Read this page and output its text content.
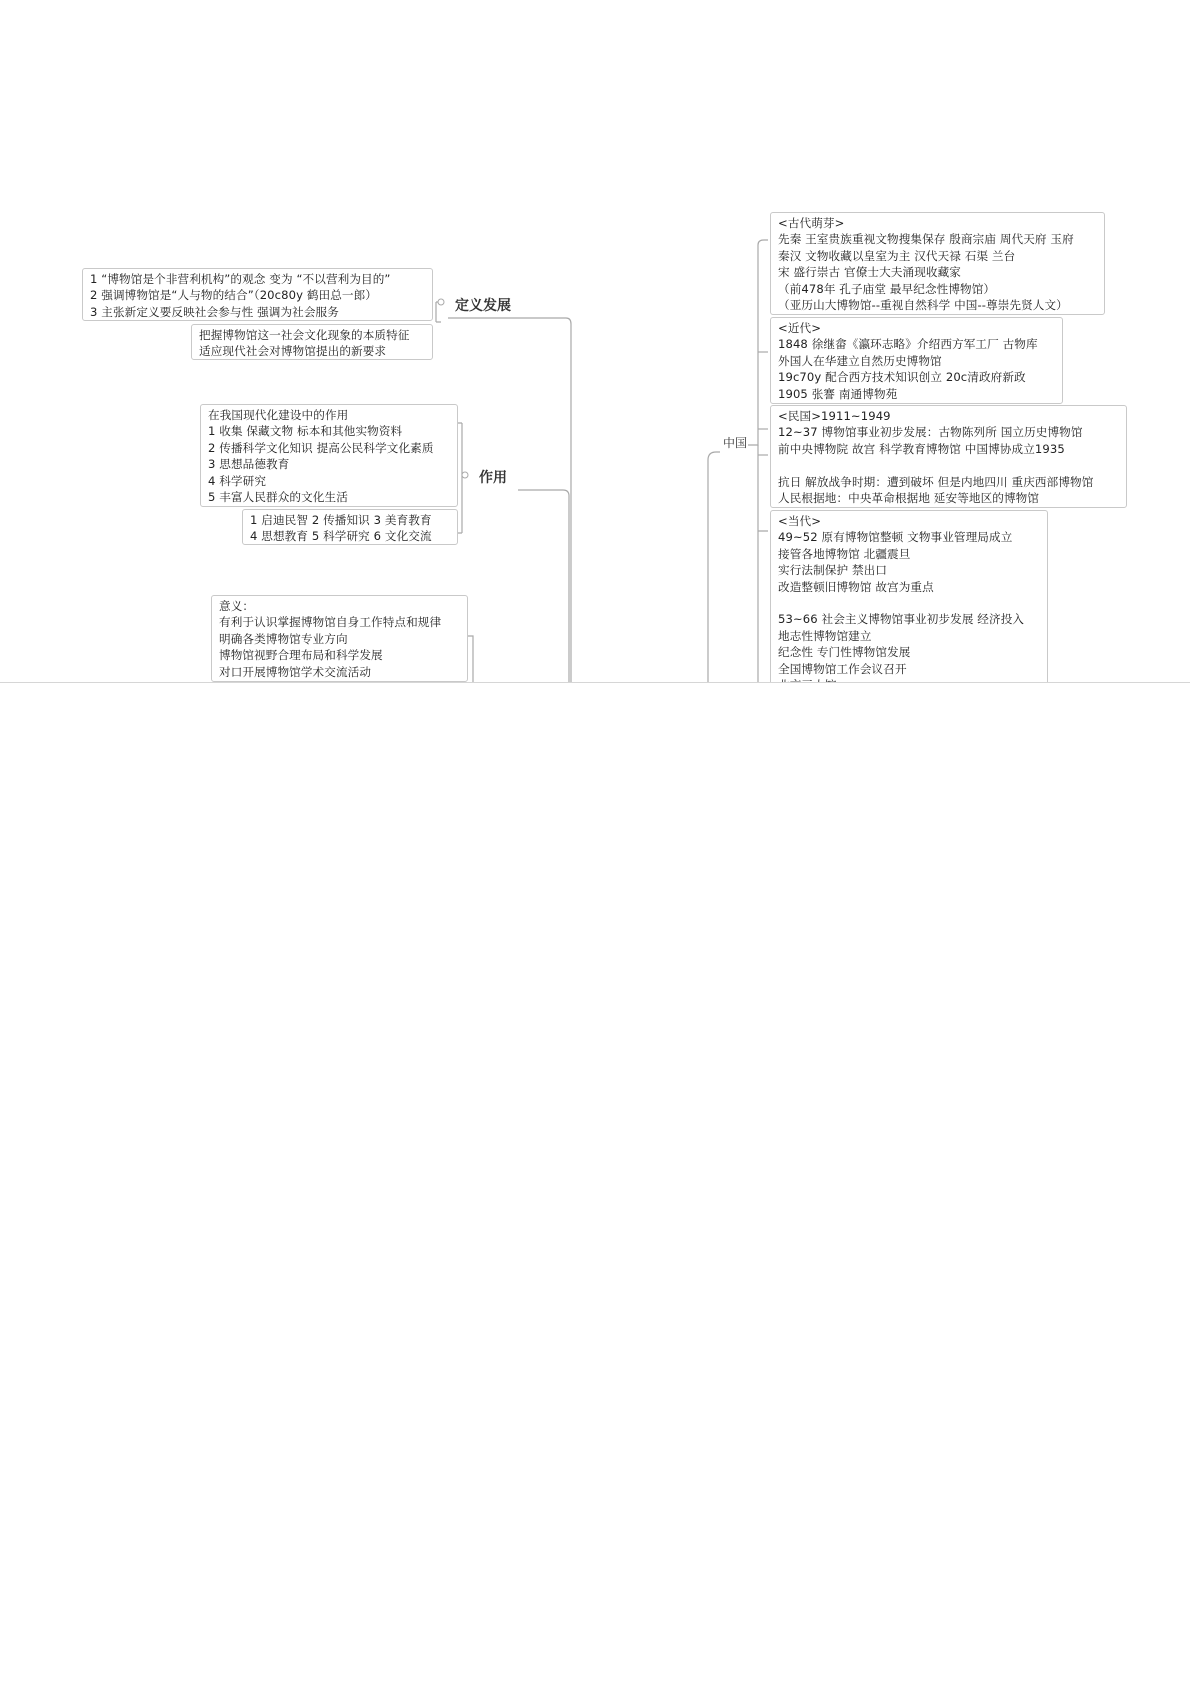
定义发展
作用
中国
1 “博物馆是个非营利机构”的观念 变为 “不以营利为目的”
2 强调博物馆是“人与物的结合”（20c80y 鹤田总一郎）
3 主张新定义要反映社会参与性 强调为社会服务
把握博物馆这一社会文化现象的本质特征
适应现代社会对博物馆提出的新要求
在我国现代化建设中的作用
1 收集 保藏文物 标本和其他实物资料
2 传播科学文化知识 提高公民科学文化素质
3 思想品德教育
4 科学研究
5 丰富人民群众的文化生活
1 启迪民智 2 传播知识 3 美育教育
4 思想教育 5 科学研究 6 文化交流
意义：
有利于认识掌握博物馆自身工作特点和规律
明确各类博物馆专业方向
博物馆视野合理布局和科学发展
对口开展博物馆学术交流活动
<古代萌芽>
先秦 王室贵族重视文物搜集保存 殷商宗庙 周代天府 玉府
秦汉 文物收藏以皇室为主 汉代天禄 石渠 兰台
宋 盛行崇古 官僚士大夫涌现收藏家
（前478年 孔子庙堂 最早纪念性博物馆）
（亚历山大博物馆--重视自然科学 中国--尊崇先贤人文）
<近代>
1848 徐继畲《瀛环志略》介绍西方军工厂 古物库
外国人在华建立自然历史博物馆
19c70y 配合西方技术知识创立 20c清政府新政
1905 张謇 南通博物苑
<民国>1911~1949
12~37 博物馆事业初步发展：古物陈列所 国立历史博物馆
前中央博物院 故宫 科学教育博物馆 中国博协成立1935
抗日 解放战争时期：遭到破坏 但是内地四川 重庆西部博物馆
人民根据地：中央革命根据地 延安等地区的博物馆
<当代>
49~52 原有博物馆整顿 文物事业管理局成立
接管各地博物馆 北疆震旦
实行法制保护 禁出口
改造整顿旧博物馆 故宫为重点
53~66 社会主义博物馆事业初步发展 经济投入
地志性博物馆建立
纪念性 专门性博物馆发展
全国博物馆工作会议召开
